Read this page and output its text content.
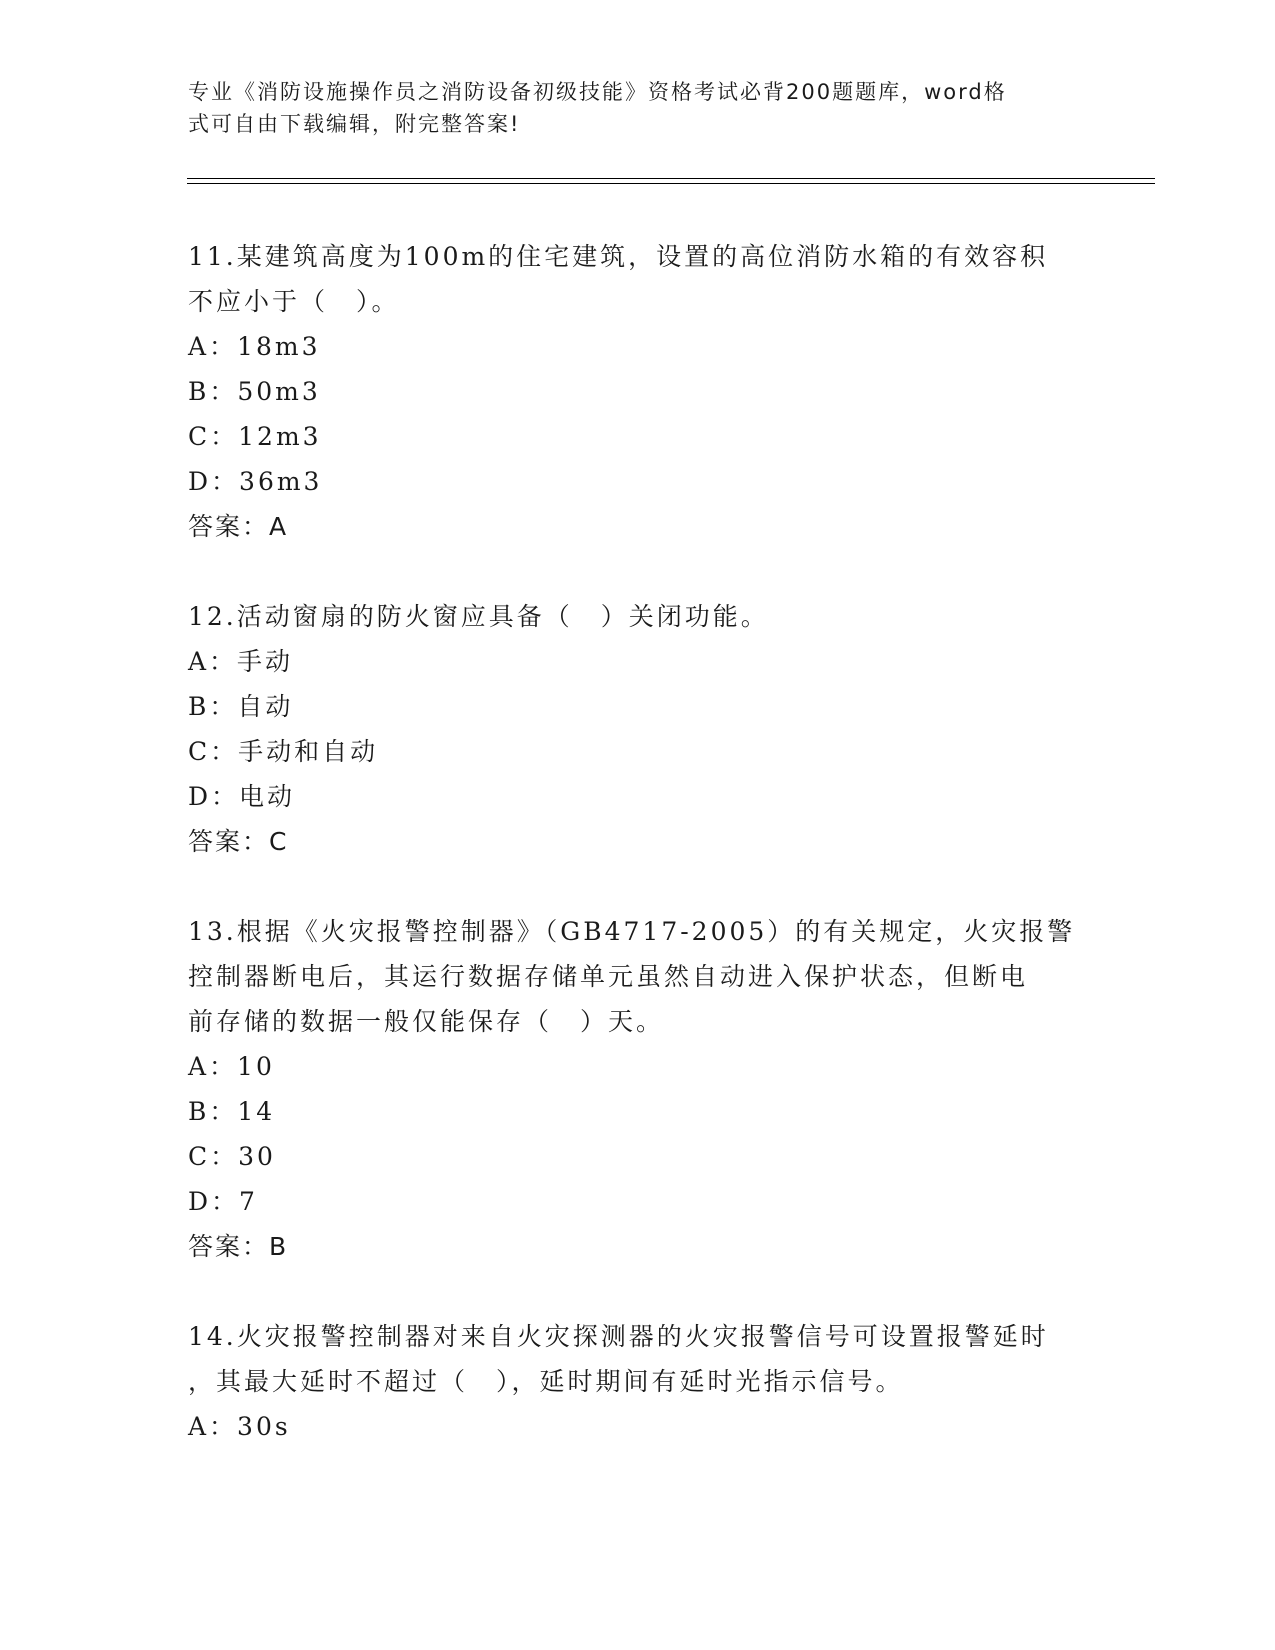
专业《消防设施操作员之消防设备初级技能》资格考试必背200题题库，word格
式可自由下载编辑，附完整答案!
11.某建筑高度为100m的住宅建筑，设置的高位消防水箱的有效容积
不应小于（　）。
A：18m3
B：50m3
C：12m3
D：36m3
答案：A
12.活动窗扇的防火窗应具备（　）关闭功能。
A：手动
B：自动
C：手动和自动
D：电动
答案：C
13.根据《火灾报警控制器》（GB4717-2005）的有关规定，火灾报警
控制器断电后，其运行数据存储单元虽然自动进入保护状态，但断电
前存储的数据一般仅能保存（　）天。
A：10
B：14
C：30
D：7
答案：B
14.火灾报警控制器对来自火灾探测器的火灾报警信号可设置报警延时
，其最大延时不超过（　），延时期间有延时光指示信号。
A：30s
